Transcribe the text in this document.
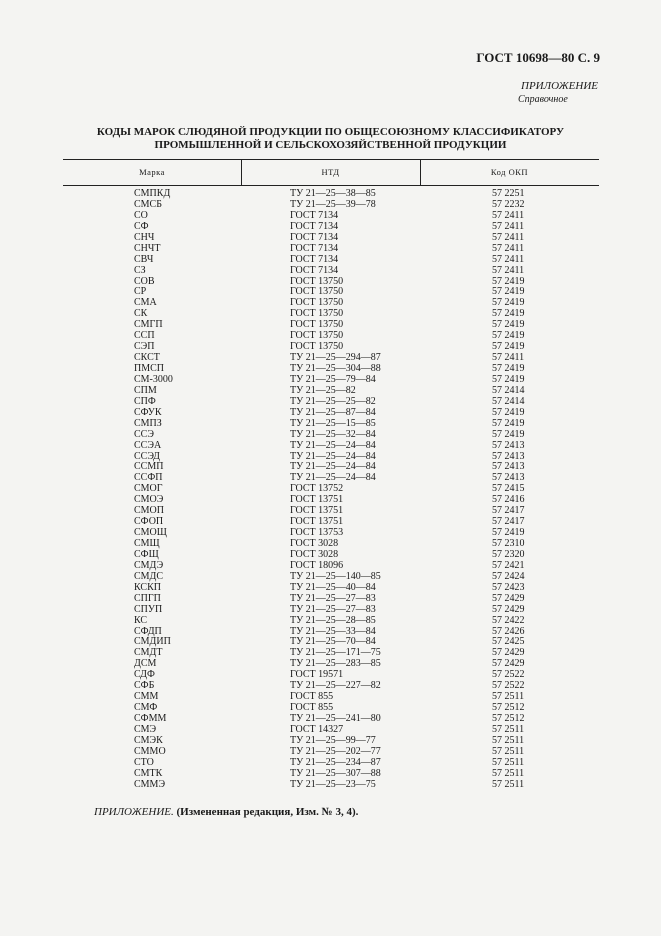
ГОСТ 10698—80 С. 9
ПРИЛОЖЕНИЕ
Справочное
КОДЫ МАРОК СЛЮДЯНОЙ ПРОДУКЦИИ ПО ОБЩЕСОЮЗНОМУ КЛАССИФИКАТОРУ
ПРОМЫШЛЕННОЙ И СЕЛЬСКОХОЗЯЙСТВЕННОЙ ПРОДУКЦИИ
Марка	НТД	Код ОКП
СМПКД	ТУ 21—25—38—85	57 2251
СМСБ	ТУ 21—25—39—78	57 2232
СО	ГОСТ 7134	57 2411
СФ	ГОСТ 7134	57 2411
СНЧ	ГОСТ 7134	57 2411
СНЧТ	ГОСТ 7134	57 2411
СВЧ	ГОСТ 7134	57 2411
СЗ	ГОСТ 7134	57 2411
СОВ	ГОСТ 13750	57 2419
СР	ГОСТ 13750	57 2419
СМА	ГОСТ 13750	57 2419
СК	ГОСТ 13750	57 2419
СМГП	ГОСТ 13750	57 2419
ССП	ГОСТ 13750	57 2419
СЭП	ГОСТ 13750	57 2419
СКСТ	ТУ 21—25—294—87	57 2411
ПМСП	ТУ 21—25—304—88	57 2419
СМ-3000	ТУ 21—25—79—84	57 2419
СПМ	ТУ 21—25—82	57 2414
СПФ	ТУ 21—25—25—82	57 2414
СФУК	ТУ 21—25—87—84	57 2419
СМПЗ	ТУ 21—25—15—85	57 2419
ССЭ	ТУ 21—25—32—84	57 2419
ССЭА	ТУ 21—25—24—84	57 2413
ССЭД	ТУ 21—25—24—84	57 2413
ССМП	ТУ 21—25—24—84	57 2413
ССФП	ТУ 21—25—24—84	57 2413
СМОГ	ГОСТ 13752	57 2415
СМОЭ	ГОСТ 13751	57 2416
СМОП	ГОСТ 13751	57 2417
СФОП	ГОСТ 13751	57 2417
СМОЩ	ГОСТ 13753	57 2419
СМЩ	ГОСТ 3028	57 2310
СФЩ	ГОСТ 3028	57 2320
СМДЭ	ГОСТ 18096	57 2421
СМДС	ТУ 21—25—140—85	57 2424
КСКП	ТУ 21—25—40—84	57 2423
СПГП	ТУ 21—25—27—83	57 2429
СПУП	ТУ 21—25—27—83	57 2429
КС	ТУ 21—25—28—85	57 2422
СФДП	ТУ 21—25—33—84	57 2426
СМДИП	ТУ 21—25—70—84	57 2425
СМДТ	ТУ 21—25—171—75	57 2429
ДСМ	ТУ 21—25—283—85	57 2429
СДФ	ГОСТ 19571	57 2522
СФБ	ТУ 21—25—227—82	57 2522
СММ	ГОСТ 855	57 2511
СМФ	ГОСТ 855	57 2512
СФММ	ТУ 21—25—241—80	57 2512
СМЭ	ГОСТ 14327	57 2511
СМЭК	ТУ 21—25—99—77	57 2511
СММО	ТУ 21—25—202—77	57 2511
СТО	ТУ 21—25—234—87	57 2511
СМТК	ТУ 21—25—307—88	57 2511
СММЭ	ТУ 21—25—23—75	57 2511
ПРИЛОЖЕНИЕ. (Измененная редакция, Изм. № 3, 4).
